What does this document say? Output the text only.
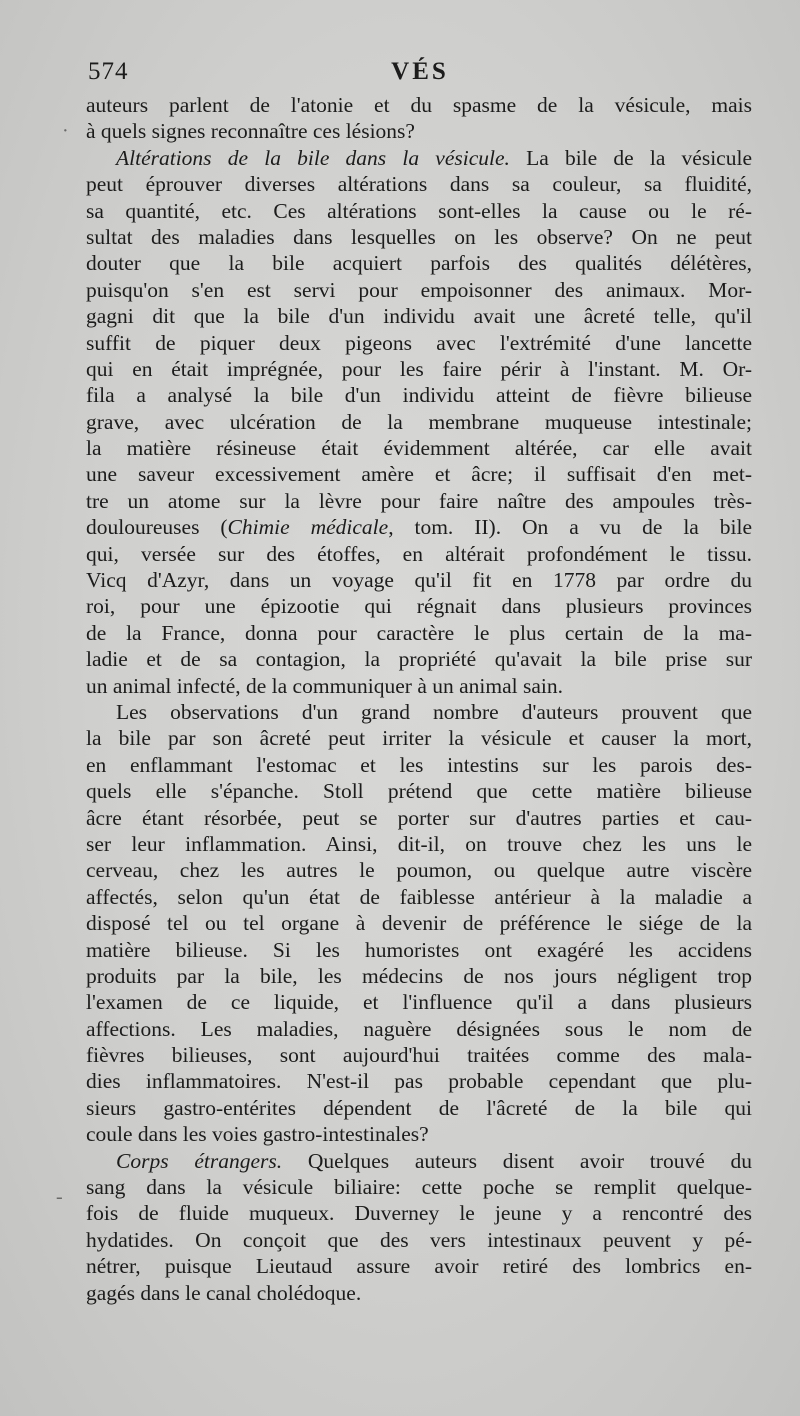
574	VÉS
auteurs parlent de l'atonie et du spasme de la vésicule, mais
à quels signes reconnaître ces lésions?
Altérations de la bile dans la vésicule. La bile de la vésicule
peut éprouver diverses altérations dans sa couleur, sa fluidité,
sa quantité, etc. Ces altérations sont-elles la cause ou le ré-
sultat des maladies dans lesquelles on les observe? On ne peut
douter que la bile acquiert parfois des qualités délétères,
puisqu'on s'en est servi pour empoisonner des animaux. Mor-
gagni dit que la bile d'un individu avait une âcreté telle, qu'il
suffit de piquer deux pigeons avec l'extrémité d'une lancette
qui en était imprégnée, pour les faire périr à l'instant. M. Or-
fila a analysé la bile d'un individu atteint de fièvre bilieuse
grave, avec ulcération de la membrane muqueuse intestinale;
la matière résineuse était évidemment altérée, car elle avait
une saveur excessivement amère et âcre; il suffisait d'en met-
tre un atome sur la lèvre pour faire naître des ampoules très-
douloureuses (Chimie médicale, tom. II). On a vu de la bile
qui, versée sur des étoffes, en altérait profondément le tissu.
Vicq d'Azyr, dans un voyage qu'il fit en 1778 par ordre du
roi, pour une épizootie qui régnait dans plusieurs provinces
de la France, donna pour caractère le plus certain de la ma-
ladie et de sa contagion, la propriété qu'avait la bile prise sur
un animal infecté, de la communiquer à un animal sain.
Les observations d'un grand nombre d'auteurs prouvent que
la bile par son âcreté peut irriter la vésicule et causer la mort,
en enflammant l'estomac et les intestins sur les parois des-
quels elle s'épanche. Stoll prétend que cette matière bilieuse
âcre étant résorbée, peut se porter sur d'autres parties et cau-
ser leur inflammation. Ainsi, dit-il, on trouve chez les uns le
cerveau, chez les autres le poumon, ou quelque autre viscère
affectés, selon qu'un état de faiblesse antérieur à la maladie a
disposé tel ou tel organe à devenir de préférence le siége de la
matière bilieuse. Si les humoristes ont exagéré les accidens
produits par la bile, les médecins de nos jours négligent trop
l'examen de ce liquide, et l'influence qu'il a dans plusieurs
affections. Les maladies, naguère désignées sous le nom de
fièvres bilieuses, sont aujourd'hui traitées comme des mala-
dies inflammatoires. N'est-il pas probable cependant que plu-
sieurs gastro-entérites dépendent de l'âcreté de la bile qui
coule dans les voies gastro-intestinales?
Corps étrangers. Quelques auteurs disent avoir trouvé du
sang dans la vésicule biliaire: cette poche se remplit quelque-
fois de fluide muqueux. Duverney le jeune y a rencontré des
hydatides. On conçoit que des vers intestinaux peuvent y pé-
nétrer, puisque Lieutaud assure avoir retiré des lombrics en-
gagés dans le canal cholédoque.
·
-
